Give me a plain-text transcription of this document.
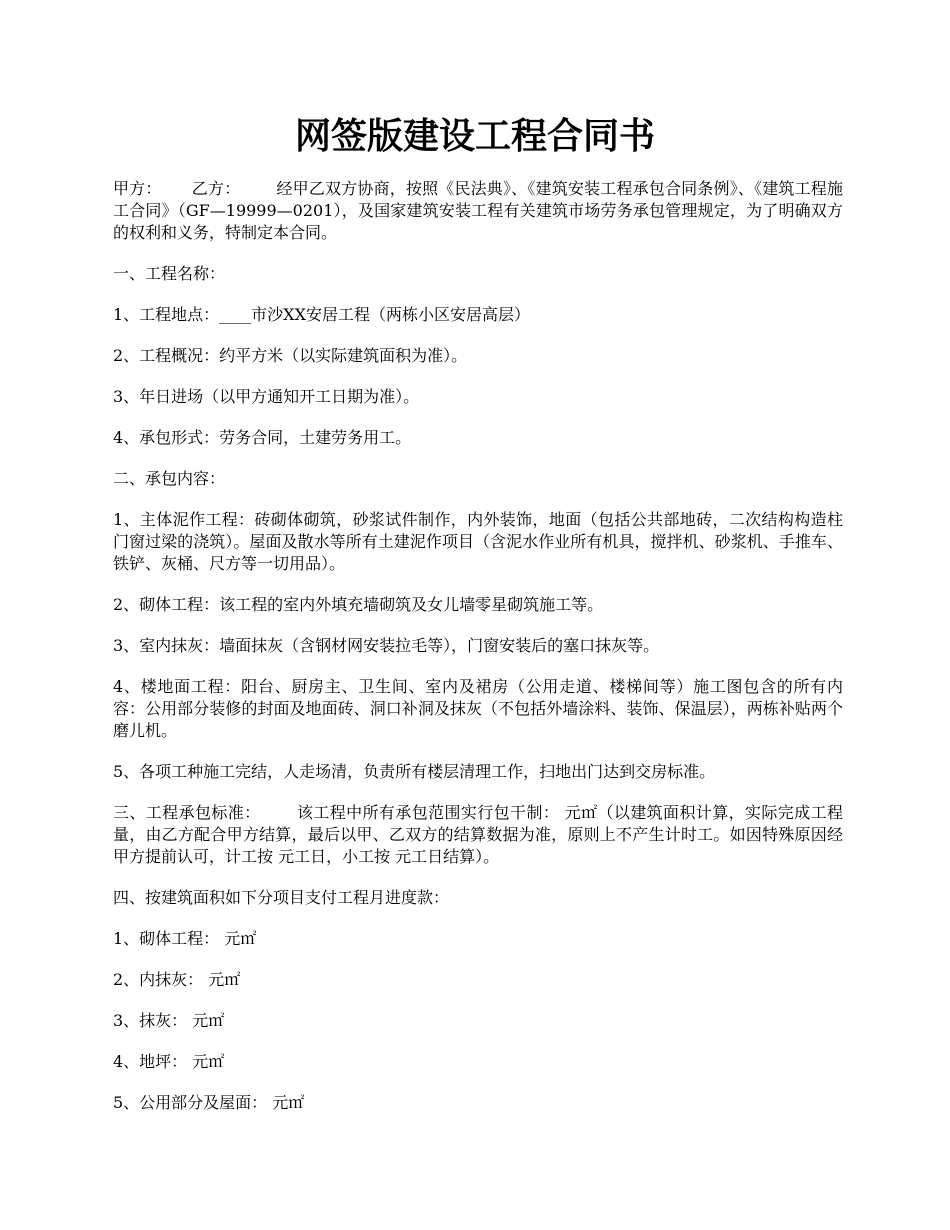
网签版建设工程合同书

甲方： 乙方： 经甲乙双方协商，按照《民法典》、《建筑安装工程承包合同条例》、《建筑工程施工合同》（GF—19999—0201），及国家建筑安装工程有关建筑市场劳务承包管理规定，为了明确双方的权利和义务，特制定本合同。

一、工程名称：

1、工程地点：____市沙XX安居工程（两栋小区安居高层）

2、工程概况：约平方米（以实际建筑面积为准）。

3、年日进场（以甲方通知开工日期为准）。

4、承包形式：劳务合同，土建劳务用工。

二、承包内容：

1、主体泥作工程：砖砌体砌筑，砂浆试件制作，内外装饰，地面（包括公共部地砖，二次结构构造柱门窗过梁的浇筑）。屋面及散水等所有土建泥作项目（含泥水作业所有机具，搅拌机、砂浆机、手推车、铁铲、灰桶、尺方等一切用品）。

2、砌体工程：该工程的室内外填充墙砌筑及女儿墙零星砌筑施工等。

3、室内抹灰：墙面抹灰（含钢材网安装拉毛等），门窗安装后的塞口抹灰等。

4、楼地面工程：阳台、厨房主、卫生间、室内及裙房（公用走道、楼梯间等）施工图包含的所有内容：公用部分装修的封面及地面砖、洞口补洞及抹灰（不包括外墙涂料、装饰、保温层），两栋补贴两个磨儿机。

5、各项工种施工完结，人走场清，负责所有楼层清理工作，扫地出门达到交房标准。

三、工程承包标准： 该工程中所有承包范围实行包干制： 元㎡（以建筑面积计算，实际完成工程量，由乙方配合甲方结算，最后以甲、乙双方的结算数据为准，原则上不产生计时工。如因特殊原因经甲方提前认可，计工按 元工日，小工按 元工日结算）。

四、按建筑面积如下分项目支付工程月进度款：

1、砌体工程： 元㎡

2、内抹灰： 元㎡

3、抹灰： 元㎡

4、地坪： 元㎡

5、公用部分及屋面： 元㎡
